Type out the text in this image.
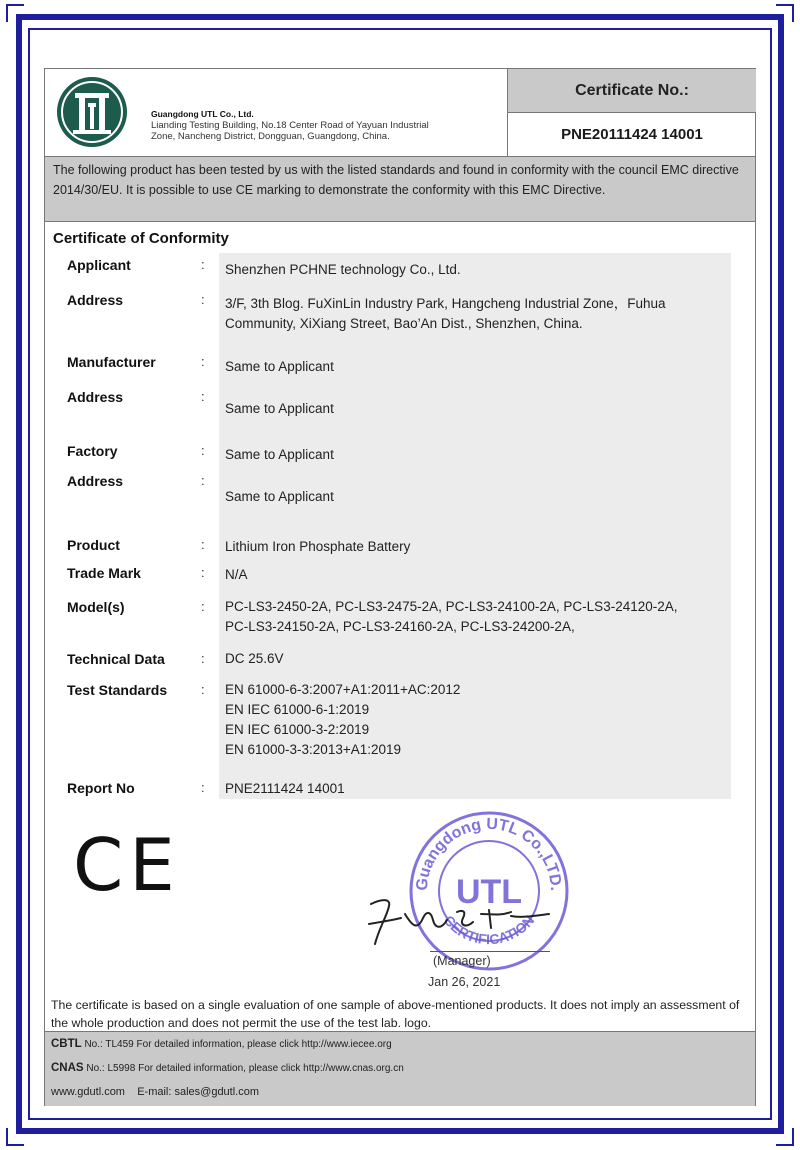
Guangdong UTL Co., Ltd.
Lianding Testing Building, No.18 Center Road of Yayuan Industrial
Zone, Nancheng District, Dongguan, Guangdong, China.
Certificate No.:
PNE20111424 14001
The following product has been tested by us with the listed standards and found in conformity with the council EMC directive 2014/30/EU. It is possible to use CE marking to demonstrate the conformity with this EMC Directive.
Certificate of Conformity
Applicant	: Shenzhen PCHNE technology Co., Ltd.
Address	: 3/F, 3th Blog. FuXinLin Industry Park, Hangcheng Industrial Zone，Fuhua
Community, XiXiang Street, Bao’An Dist., Shenzhen, China.
Manufacturer	: Same to Applicant
Address	:
Same to Applicant
Factory	: Same to Applicant
Address	:
Same to Applicant
Product	: Lithium Iron Phosphate Battery
Trade Mark	: N/A
Model(s)	: PC-LS3-2450-2A, PC-LS3-2475-2A, PC-LS3-24100-2A, PC-LS3-24120-2A,
PC-LS3-24150-2A, PC-LS3-24160-2A, PC-LS3-24200-2A,
Technical Data	: DC 25.6V
Test Standards	: EN 61000-6-3:2007+A1:2011+AC:2012
EN IEC 61000-6-1:2019
EN IEC 61000-3-2:2019
EN 61000-3-3:2013+A1:2019
Report No	: PNE2111424 14001
CE	Guangdong UTL Co.,LTD.
CERTIFICATION
UTL
(Manager)
Jan 26, 2021
The certificate is based on a single evaluation of one sample of above-mentioned products. It does not imply an assessment of the whole production and does not permit the use of the test lab. logo.
CBTL No.: TL459 For detailed information, please click http://www.iecee.org
CNAS No.: L5998 For detailed information, please click http://www.cnas.org.cn
www.gdutl.com    E-mail: sales@gdutl.com
